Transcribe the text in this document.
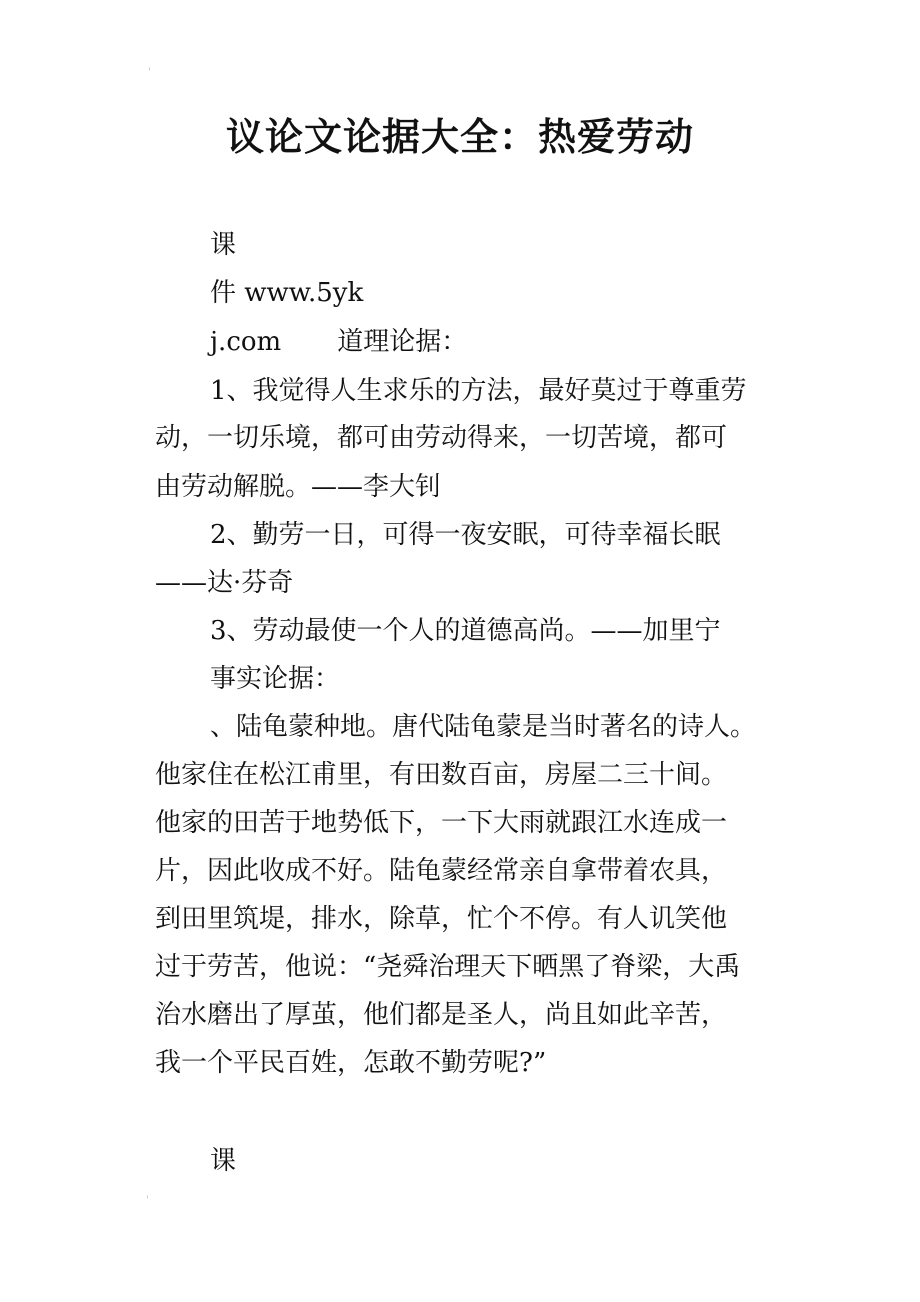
'
议论文论据大全：热爱劳动

课

件 www.5yk

j.com 道理论据：

1、我觉得人生求乐的方法，最好莫过于尊重劳

动，一切乐境，都可由劳动得来，一切苦境，都可

由劳动解脱。——李大钊

2、勤劳一日，可得一夜安眠，可待幸福长眠

——达·芬奇

3、劳动最使一个人的道德高尚。——加里宁

事实论据：

、陆龟蒙种地。唐代陆龟蒙是当时著名的诗人。

他家住在松江甫里，有田数百亩，房屋二三十间。

他家的田苦于地势低下，一下大雨就跟江水连成一

片，因此收成不好。陆龟蒙经常亲自拿带着农具，

到田里筑堤，排水，除草，忙个不停。有人讥笑他

过于劳苦，他说：“尧舜治理天下晒黑了脊梁，大禹

治水磨出了厚茧，他们都是圣人，尚且如此辛苦，

我一个平民百姓，怎敢不勤劳呢?”

课

'
